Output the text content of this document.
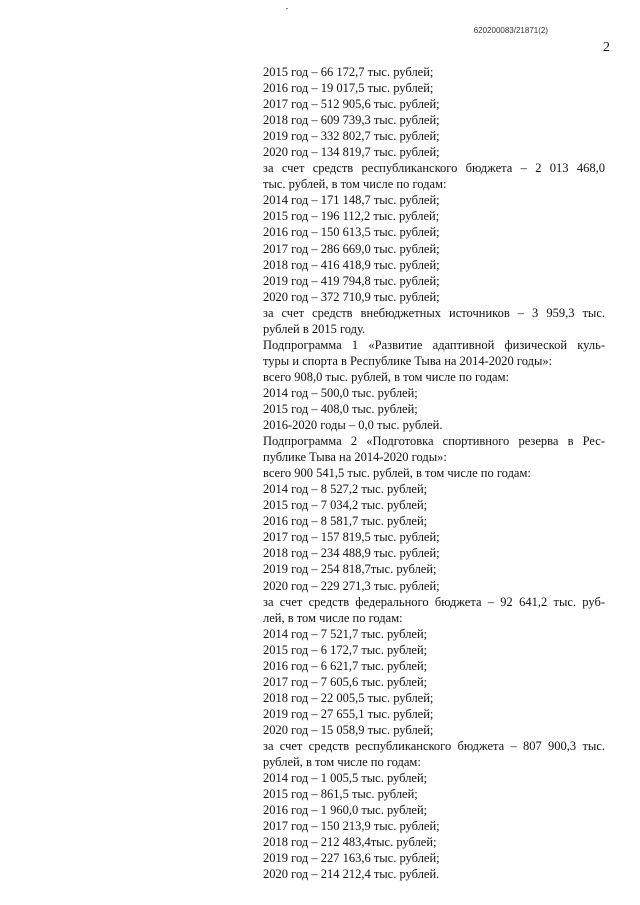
620200083/21871(2)
2
2015 год – 66 172,7 тыс. рублей;
2016 год – 19 017,5 тыс. рублей;
2017 год – 512 905,6 тыс. рублей;
2018 год – 609 739,3 тыс. рублей;
2019 год – 332 802,7 тыс. рублей;
2020 год – 134 819,7 тыс. рублей;
за счет средств республиканского бюджета – 2 013 468,0
тыс. рублей, в том числе по годам:
2014 год – 171 148,7 тыс. рублей;
2015 год – 196 112,2 тыс. рублей;
2016 год – 150 613,5 тыс. рублей;
2017 год – 286 669,0 тыс. рублей;
2018 год – 416 418,9 тыс. рублей;
2019 год – 419 794,8 тыс. рублей;
2020 год – 372 710,9 тыс. рублей;
за счет средств внебюджетных источников – 3 959,3 тыс.
рублей в 2015 году.
Подпрограмма 1 «Развитие адаптивной физической куль-
туры и спорта в Республике Тыва на 2014-2020 годы»:
всего 908,0 тыс. рублей, в том числе по годам:
2014 год – 500,0 тыс. рублей;
2015 год – 408,0 тыс. рублей;
2016-2020 годы – 0,0 тыс. рублей.
Подпрограмма 2 «Подготовка спортивного резерва в Рес-
публике Тыва на 2014-2020 годы»:
всего 900 541,5 тыс. рублей, в том числе по годам:
2014 год – 8 527,2 тыс. рублей;
2015 год – 7 034,2 тыс. рублей;
2016 год – 8 581,7 тыс. рублей;
2017 год – 157 819,5 тыс. рублей;
2018 год – 234 488,9 тыс. рублей;
2019 год – 254 818,7тыс. рублей;
2020 год – 229 271,3 тыс. рублей;
за счет средств федерального бюджета – 92 641,2 тыс. руб-
лей, в том числе по годам:
2014 год – 7 521,7 тыс. рублей;
2015 год – 6 172,7 тыс. рублей;
2016 год – 6 621,7 тыс. рублей;
2017 год – 7 605,6 тыс. рублей;
2018 год – 22 005,5 тыс. рублей;
2019 год – 27 655,1 тыс. рублей;
2020 год – 15 058,9 тыс. рублей;
за счет средств республиканского бюджета – 807 900,3 тыс.
рублей, в том числе по годам:
2014 год – 1 005,5 тыс. рублей;
2015 год – 861,5 тыс. рублей;
2016 год – 1 960,0 тыс. рублей;
2017 год – 150 213,9 тыс. рублей;
2018 год – 212 483,4тыс. рублей;
2019 год – 227 163,6 тыс. рублей;
2020 год – 214 212,4 тыс. рублей.
